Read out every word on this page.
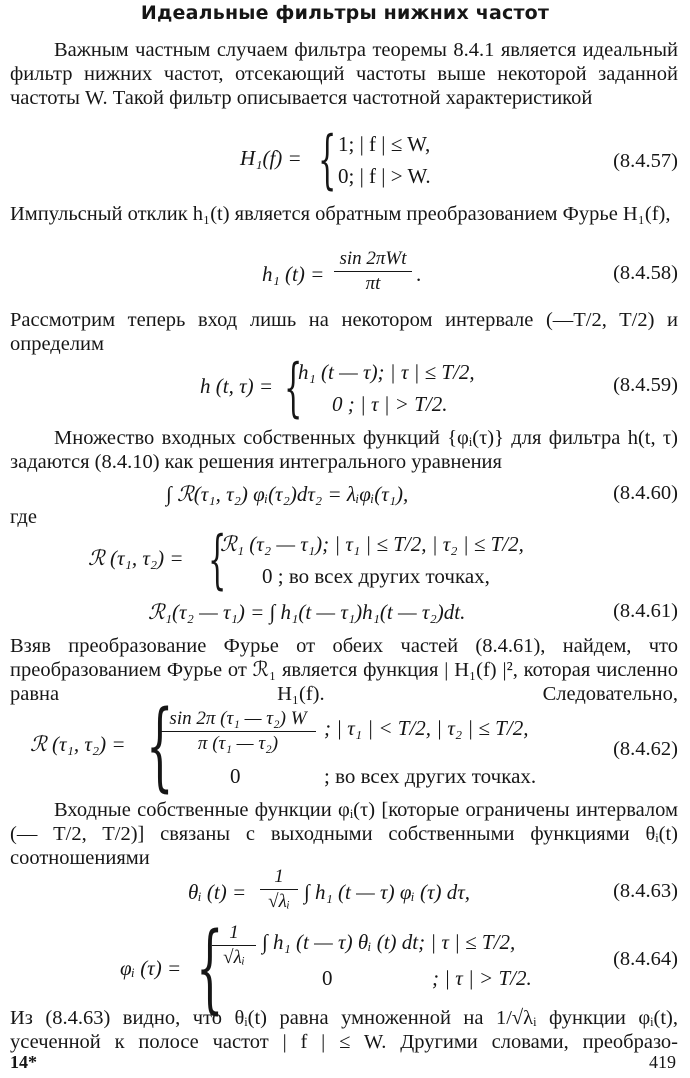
Идеальные фильтры нижних частот
Важным частным случаем фильтра теоремы 8.4.1 является идеальный фильтр нижних частот, отсекающий частоты выше некоторой заданной частоты W. Такой фильтр описывается частотной характеристикой
H₁(f) = { 1; | f | ≤ W,
0; | f | > W.
(8.4.57)
Импульсный отклик h₁(t) является обратным преобразованием Фурье H₁(f),
h₁ (t) =
sin 2πWt
πt	.	(8.4.58)
Рассмотрим теперь вход лишь на некотором интервале (—T/2, T/2) и определим
h (t, τ) = {
h₁ (t — τ); | τ | ≤ T/2,
0 ; | τ | > T/2.
(8.4.59)
Множество входных собственных функций {φᵢ(τ)} для фильтра h(t, τ) задаются (8.4.10) как решения интегрального уравнения
∫ ℛ(τ₁, τ₂) φᵢ(τ₂)dτ₂ = λᵢφᵢ(τ₁),	(8.4.60)
где
ℛ (τ₁, τ₂) = {
ℛ₁ (τ₂ — τ₁); | τ₁ | ≤ T/2, | τ₂ | ≤ T/2,
0 ; во всех других точках,
ℛ₁(τ₂ — τ₁) = ∫ h₁(t — τ₁)h₁(t — τ₂)dt.	(8.4.61)
Взяв преобразование Фурье от обеих частей (8.4.61), найдем, что преобразованием Фурье от ℛ₁ является функция | H₁(f) |², которая численно равна H₁(f). Следовательно,
ℛ (τ₁, τ₂) = {
$\frac{\text{sin 2π (τ₁ — τ₂) W}}{\text{π (τ₁ — τ₂)}}$ ; | τ₁ | < T/2, | τ₂ | ≤ T/2,
0	; во всех других точках.
(8.4.62)
Входные собственные функции φᵢ(τ) [которые ограничены интервалом (— T/2, T/2)] связаны с выходными собственными функциями θᵢ(t) соотношениями
θᵢ $(t) = \frac{1}{\text{√λᵢ}}$ ∫ h₁ (t — τ) φᵢ (τ) dτ,	(8.4.63)
φᵢ (τ) = {
$\frac{1}{\text{√λᵢ}}$ ∫ h₁ (t — τ) θᵢ (t) dt; | τ | ≤ T/2,
0	; | τ | > T/2.
(8.4.64)
Из (8.4.63) видно, что θᵢ(t) равна умноженной на 1/√λᵢ функции φᵢ(t), усеченной к полосе частот | f | ≤ W. Другими словами, преобразо-
14*	419
